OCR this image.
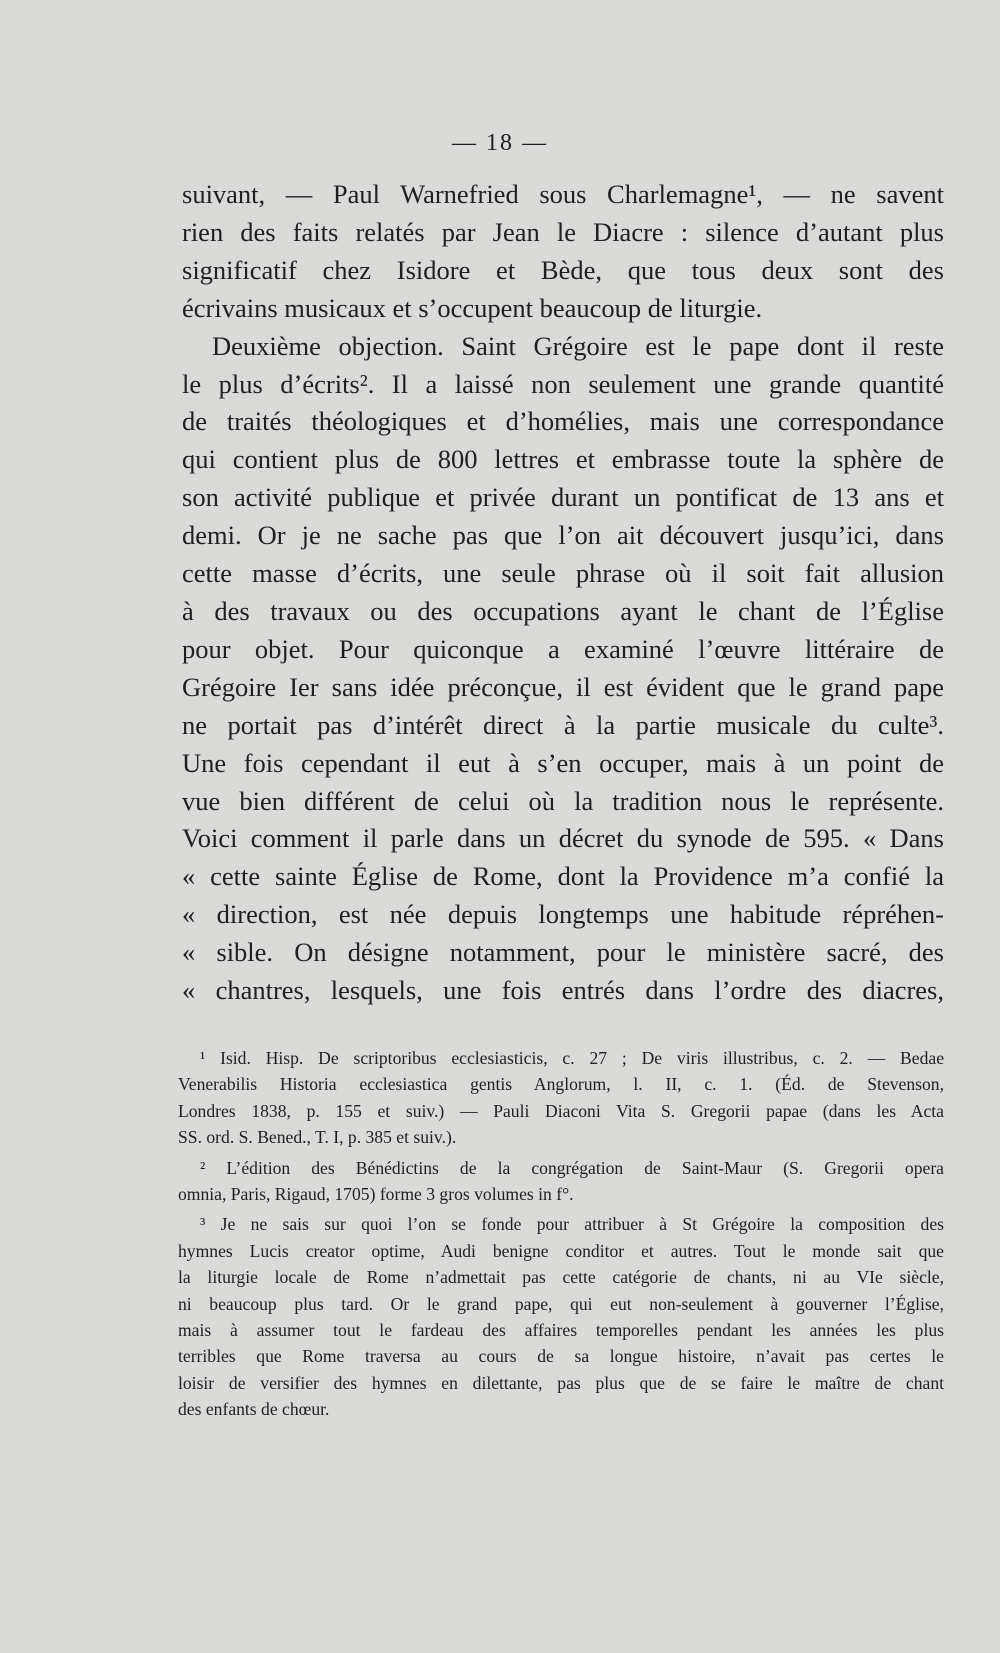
— 18 —
suivant, — Paul Warnefried sous Charlemagne¹, — ne savent
rien des faits relatés par Jean le Diacre : silence d’autant plus
significatif chez Isidore et Bède, que tous deux sont des
écrivains musicaux et s’occupent beaucoup de liturgie.
Deuxième objection. Saint Grégoire est le pape dont il reste
le plus d’écrits². Il a laissé non seulement une grande quantité
de traités théologiques et d’homélies, mais une correspondance
qui contient plus de 800 lettres et embrasse toute la sphère de
son activité publique et privée durant un pontificat de 13 ans et
demi. Or je ne sache pas que l’on ait découvert jusqu’ici, dans
cette masse d’écrits, une seule phrase où il soit fait allusion
à des travaux ou des occupations ayant le chant de l’Église
pour objet. Pour quiconque a examiné l’œuvre littéraire de
Grégoire Ier sans idée préconçue, il est évident que le grand pape
ne portait pas d’intérêt direct à la partie musicale du culte³.
Une fois cependant il eut à s’en occuper, mais à un point de
vue bien différent de celui où la tradition nous le représente.
Voici comment il parle dans un décret du synode de 595. « Dans
« cette sainte Église de Rome, dont la Providence m’a confié la
« direction, est née depuis longtemps une habitude répréhen-
« sible. On désigne notamment, pour le ministère sacré, des
« chantres, lesquels, une fois entrés dans l’ordre des diacres,
¹ Isid. Hisp. De scriptoribus ecclesiasticis, c. 27 ; De viris illustribus, c. 2. — Bedae
Venerabilis Historia ecclesiastica gentis Anglorum, l. II, c. 1. (Éd. de Stevenson,
Londres 1838, p. 155 et suiv.) — Pauli Diaconi Vita S. Gregorii papae (dans les Acta
SS. ord. S. Bened., T. I, p. 385 et suiv.).
² L’édition des Bénédictins de la congrégation de Saint-Maur (S. Gregorii opera
omnia, Paris, Rigaud, 1705) forme 3 gros volumes in f°.
³ Je ne sais sur quoi l’on se fonde pour attribuer à St Grégoire la composition des
hymnes Lucis creator optime, Audi benigne conditor et autres. Tout le monde sait que
la liturgie locale de Rome n’admettait pas cette catégorie de chants, ni au VIe siècle,
ni beaucoup plus tard. Or le grand pape, qui eut non-seulement à gouverner l’Église,
mais à assumer tout le fardeau des affaires temporelles pendant les années les plus
terribles que Rome traversa au cours de sa longue histoire, n’avait pas certes le
loisir de versifier des hymnes en dilettante, pas plus que de se faire le maître de chant
des enfants de chœur.
